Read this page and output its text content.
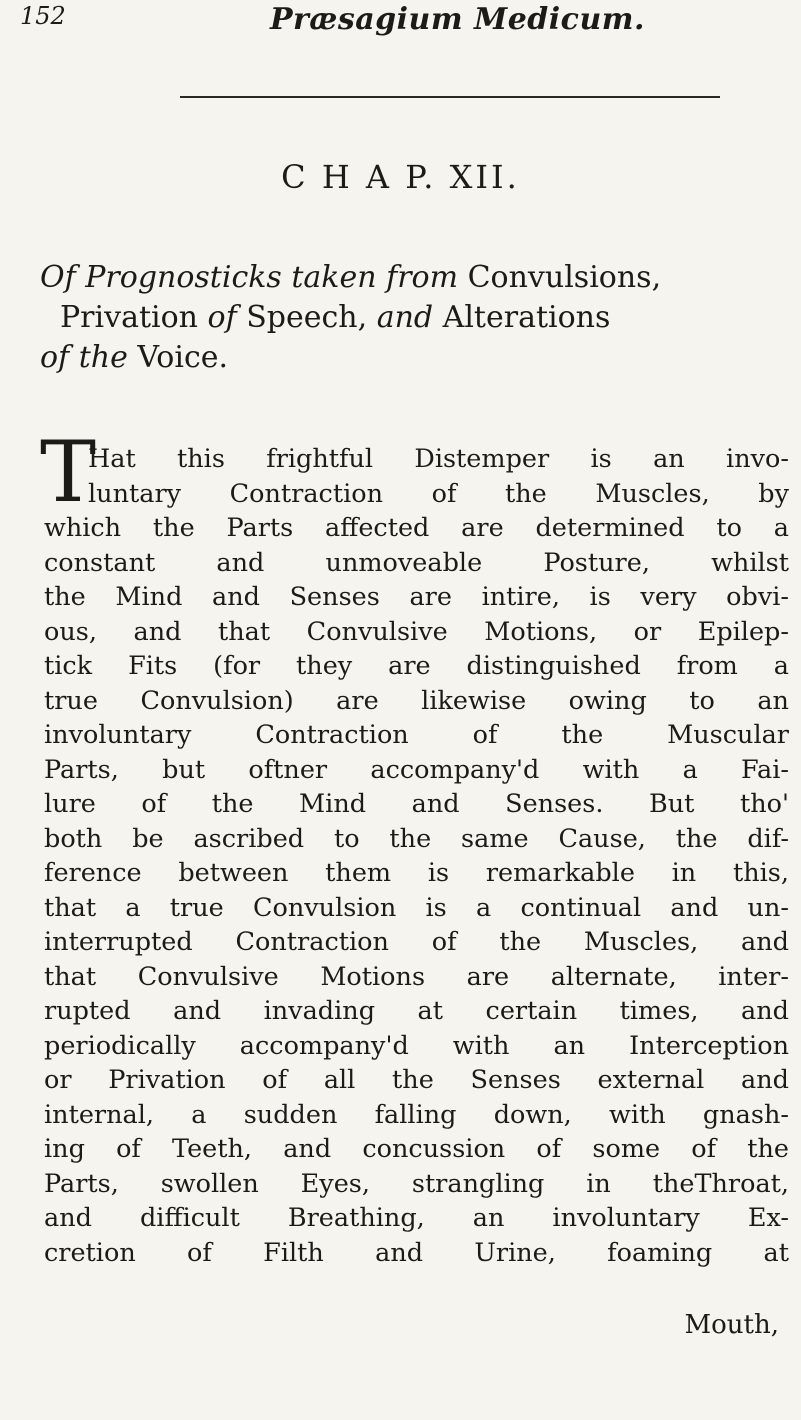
152	Præsagium Medicum.
C H A P. XII.
Of Prognosticks taken from Convulsions,
Privation of Speech, and Alterations
of the Voice.
T
Hat this frightful Distemper is an invo-
luntary Contraction of the Muscles, by
which the Parts affected are determined to a
constant and unmoveable Posture, whilst
the Mind and Senses are intire, is very obvi-
ous, and that Convulsive Motions, or Epilep-
tick Fits (for they are distinguished from a
true Convulsion) are likewise owing to an
involuntary Contraction of the Muscular
Parts, but oftner accompany'd with a Fai-
lure of the Mind and Senses. But tho'
both be ascribed to the same Cause, the dif-
ference between them is remarkable in this,
that a true Convulsion is a continual and un-
interrupted Contraction of the Muscles, and
that Convulsive Motions are alternate, inter-
rupted and invading at certain times, and
periodically accompany'd with an Interception
or Privation of all the Senses external and
internal, a sudden falling down, with gnash-
ing of Teeth, and concussion of some of the
Parts, swollen Eyes, strangling in theThroat,
and difficult Breathing, an involuntary Ex-
cretion of Filth and Urine, foaming at
Mouth,
